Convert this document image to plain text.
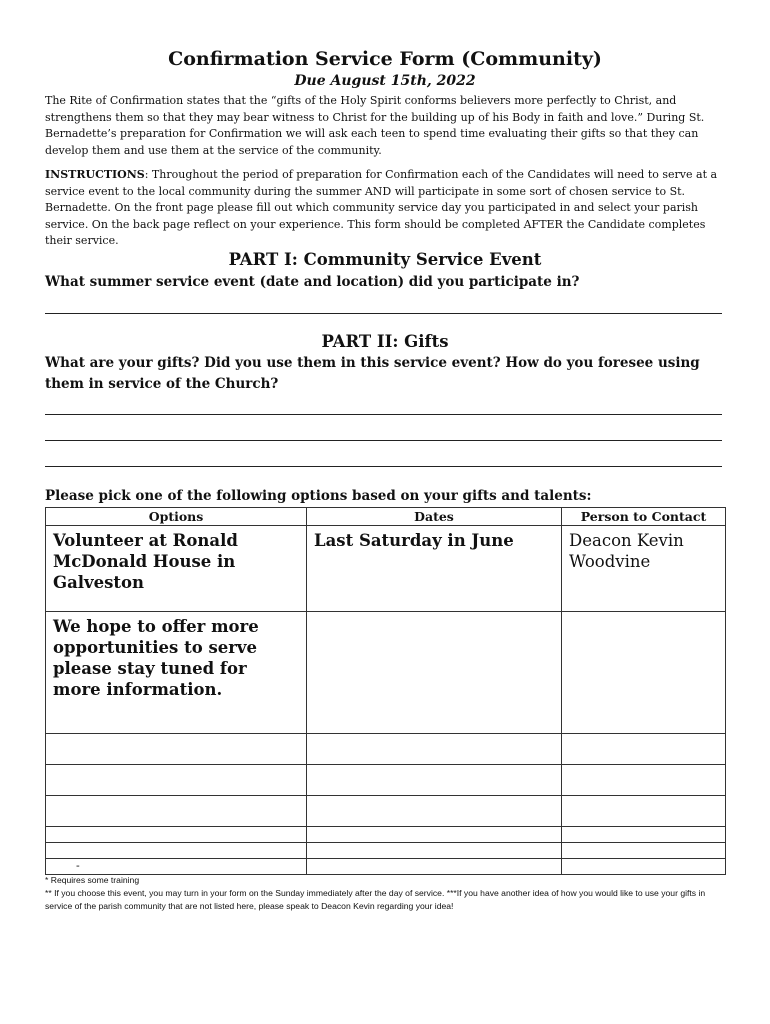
Confirmation Service Form (Community)
Due August 15th, 2022

The Rite of Confirmation states that the “gifts of the Holy Spirit conforms believers more perfectly to Christ, and strengthens them so that they may bear witness to Christ for the building up of his Body in faith and love.” During St. Bernadette’s preparation for Confirmation we will ask each teen to spend time evaluating their gifts so that they can develop them and use them at the service of the community.

INSTRUCTIONS: Throughout the period of preparation for Confirmation each of the Candidates will need to serve at a service event to the local community during the summer AND will participate in some sort of chosen service to St. Bernadette. On the front page please fill out which community service day you participated in and select your parish service. On the back page reflect on your experience. This form should be completed AFTER the Candidate completes their service.

PART I: Community Service Event

What summer service event (date and location) did you participate in?

PART II: Gifts

What are your gifts? Did you use them in this service event? How do you foresee using them in service of the Church?

Please pick one of the following options based on your gifts and talents:
Options	Dates	Person to Contact
Volunteer at Ronald McDonald House in Galveston	Last Saturday in June	Deacon Kevin Woodvine
We hope to offer more opportunities to serve please stay tuned for more information.		

-		
* Requires some training
** If you choose this event, you may turn in your form on the Sunday immediately after the day of service. ***If you have another idea of how you would like to use your gifts in service of the parish community that are not listed here, please speak to Deacon Kevin regarding your idea!
